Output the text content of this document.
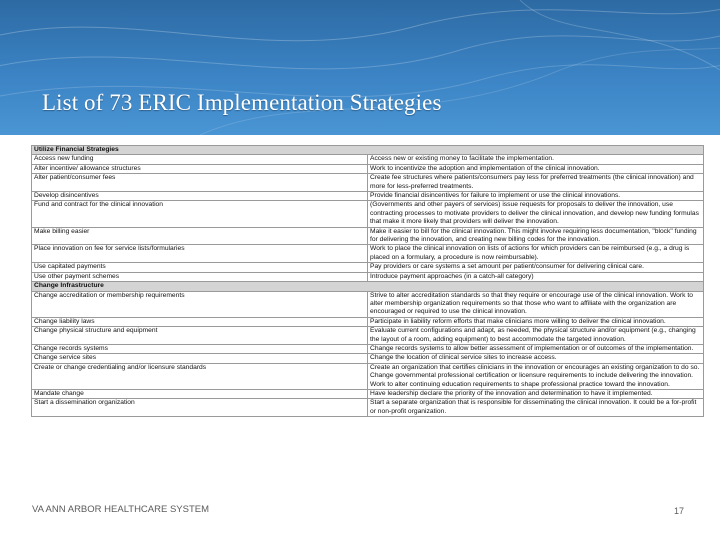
List of 73 ERIC Implementation Strategies
Utilize Financial Strategies	
Access new funding	Access new or existing money to facilitate the implementation.
Alter incentive/ allowance structures	Work to incentivize the adoption and implementation of the clinical innovation.
Alter patient/consumer fees	Create fee structures where patients/consumers pay less for preferred treatments (the clinical innovation) and more for less-preferred treatments.
Develop disincentives	Provide financial disincentives for failure to implement or use the clinical innovations.
Fund and contract for the clinical innovation	(Governments and other payers of services) issue requests for proposals to deliver the innovation, use contracting processes to motivate providers to deliver the clinical innovation, and develop new funding formulas that make it more likely that providers will deliver the innovation.
Make billing easier	Make it easier to bill for the clinical innovation. This might involve requiring less documentation, "block" funding for delivering the innovation, and creating new billing codes for the innovation.
Place innovation on fee for service lists/formularies	Work to place the clinical innovation on lists of actions for which providers can be reimbursed (e.g., a drug is placed on a formulary, a procedure is now reimbursable).
Use capitated payments	Pay providers or care systems a set amount per patient/consumer for delivering clinical care.
Use other payment schemes	Introduce payment approaches (in a catch-all category)
Change Infrastructure	
Change accreditation or membership requirements	Strive to alter accreditation standards so that they require or encourage use of the clinical innovation. Work to alter membership organization requirements so that those who want to affiliate with the organization are encouraged or required to use the clinical innovation.
Change liability laws	Participate in liability reform efforts that make clinicians more willing to deliver the clinical innovation.
Change physical structure and equipment	Evaluate current configurations and adapt, as needed, the physical structure and/or equipment (e.g., changing the layout of a room, adding equipment) to best accommodate the targeted innovation.
Change records systems	Change records systems to allow better assessment of implementation or of outcomes of the implementation.
Change service sites	Change the location of clinical service sites to increase access.
Create or change credentialing and/or licensure standards	Create an organization that certifies clinicians in the innovation or encourages an existing organization to do so. Change governmental professional certification or licensure requirements to include delivering the innovation. Work to alter continuing education requirements to shape professional practice toward the innovation.
Mandate change	Have leadership declare the priority of the innovation and determination to have it implemented.
Start a dissemination organization	Start a separate organization that is responsible for disseminating the clinical innovation. It could be a for-profit or non-profit organization.
VA ANN ARBOR HEALTHCARE SYSTEM	17
